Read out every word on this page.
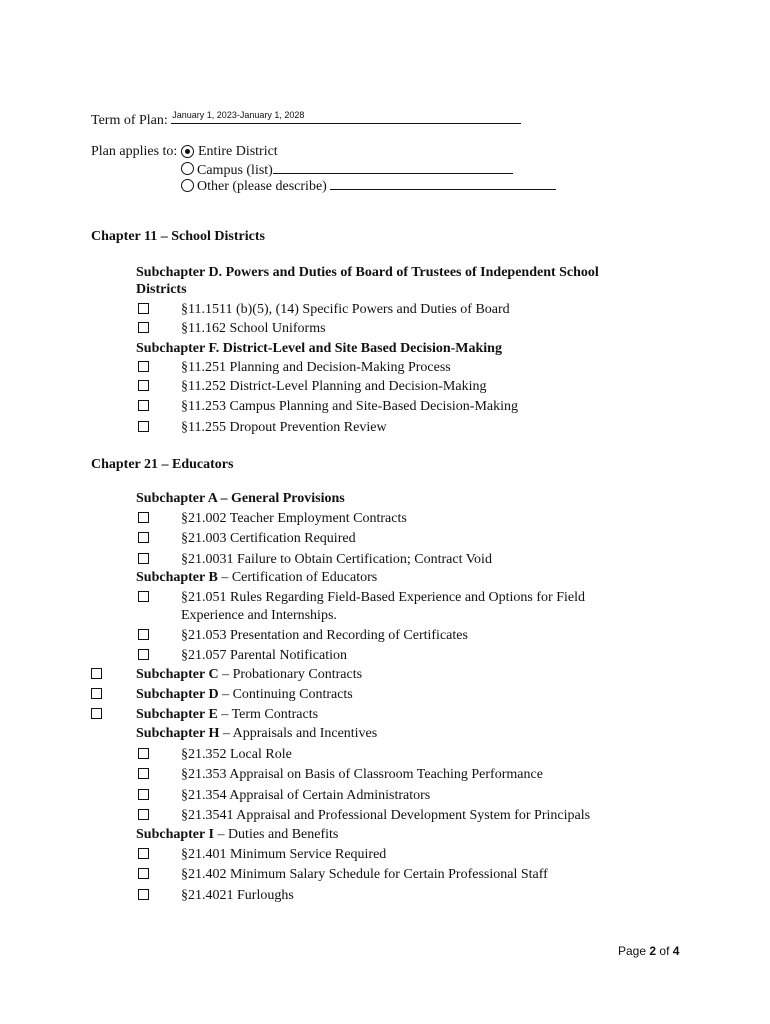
Term of Plan: January 1, 2023-January 1, 2028
Plan applies to: Entire District
Campus (list)
Other (please describe)
Chapter 11 – School Districts
Subchapter D. Powers and Duties of Board of Trustees of Independent School
Districts
§11.1511 (b)(5), (14) Specific Powers and Duties of Board
§11.162 School Uniforms
Subchapter F. District-Level and Site Based Decision-Making
§11.251 Planning and Decision-Making Process
§11.252 District-Level Planning and Decision-Making
§11.253 Campus Planning and Site-Based Decision-Making
§11.255 Dropout Prevention Review
Chapter 21 – Educators
Subchapter A – General Provisions
§21.002 Teacher Employment Contracts
§21.003 Certification Required
§21.0031 Failure to Obtain Certification; Contract Void
Subchapter B – Certification of Educators
§21.051 Rules Regarding Field-Based Experience and Options for Field
Experience and Internships.
§21.053 Presentation and Recording of Certificates
§21.057 Parental Notification
Subchapter C – Probationary Contracts
Subchapter D – Continuing Contracts
Subchapter E – Term Contracts
Subchapter H – Appraisals and Incentives
§21.352 Local Role
§21.353 Appraisal on Basis of Classroom Teaching Performance
§21.354 Appraisal of Certain Administrators
§21.3541 Appraisal and Professional Development System for Principals
Subchapter I – Duties and Benefits
§21.401 Minimum Service Required
§21.402 Minimum Salary Schedule for Certain Professional Staff
§21.4021 Furloughs
Page 2 of 4
